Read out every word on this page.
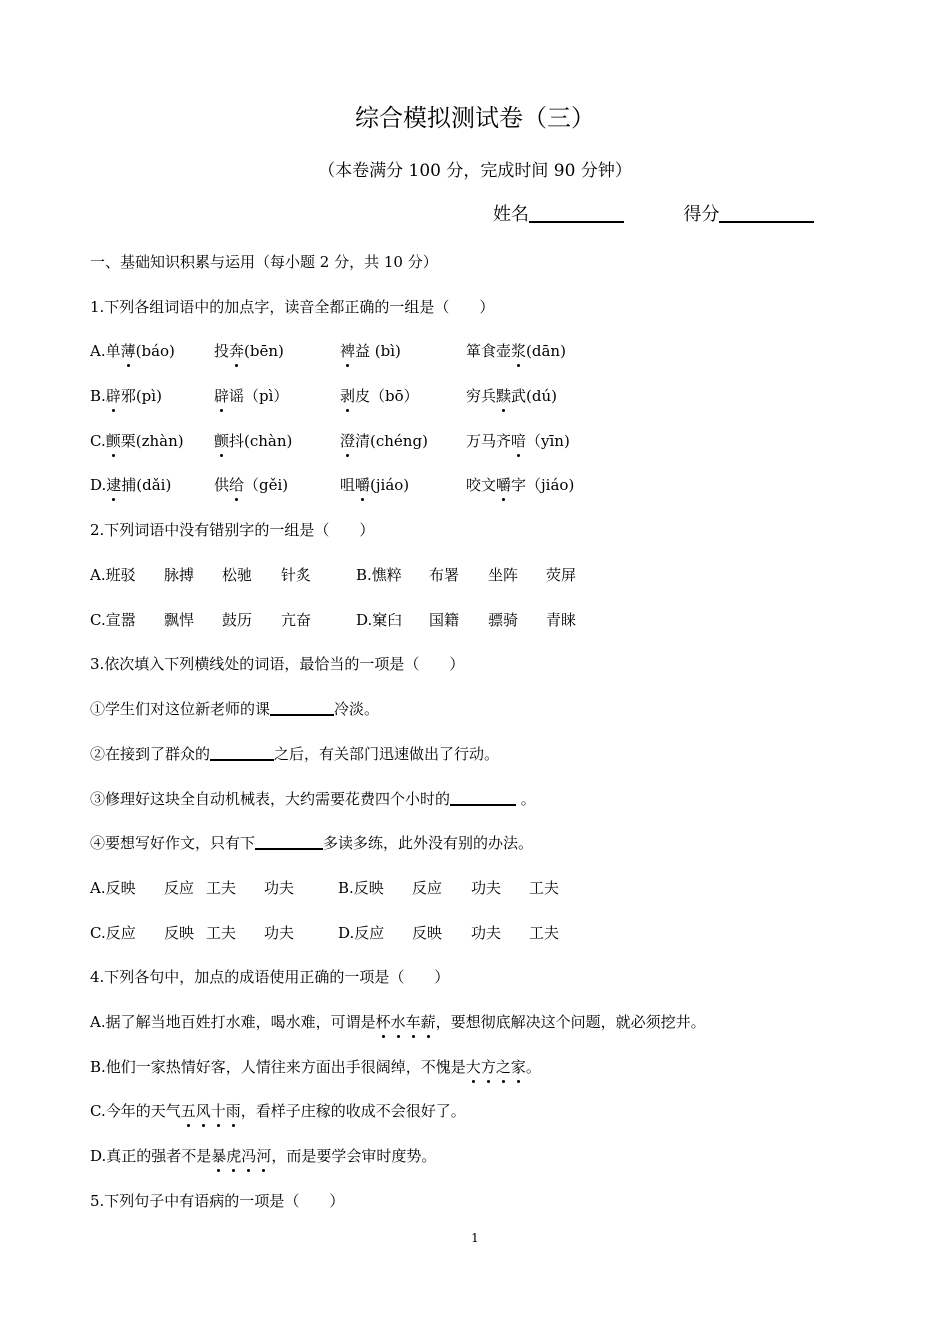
综合模拟测试卷（三）
（本卷满分 100 分，完成时间 90 分钟）
姓名	得分
一、基础知识积累与运用（每小题 2 分，共 10 分）
1.下列各组词语中的加点字，读音全都正确的一组是（　　）
A.单薄(báo)	投奔(bēn)	裨益 (bì)	箪食壶浆(dān)
B.辟邪(pì)	辟谣（pì）	剥皮（bō）	穷兵黩武(dú)
C.颤栗(zhàn) 颤抖(chàn)	澄清(chéng)	万马齐喑（yīn)
D.逮捕(dǎi)	供给（gěi)	咀嚼(jiáo)	咬文嚼字（jiáo)
2.下列词语中没有错别字的一组是（　　）
A.班驳 脉搏 松驰 针炙	B.憔粹 布署 坐阵 荧屏
C.宣嚣 飘悍 鼓历 亢奋	D.窠臼 国籍 骠骑 青睐
3.依次填入下列横线处的词语，最恰当的一项是（　　）
①学生们对这位新老师的课	冷淡。
②在接到了群众的	之后，有关部门迅速做出了行动。
③修理好这块全自动机械表，大约需要花费四个小时的	。
④要想写好作文，只有下	多读多练，此外没有别的办法。
A.反映 反应 工夫 功夫	B.反映 反应 功夫 工夫
C.反应 反映 工夫 功夫	D.反应 反映 功夫 工夫
4.下列各句中，加点的成语使用正确的一项是（　　）
A.据了解当地百姓打水难，喝水难，可谓是杯水车薪，要想彻底解决这个问题，就必须挖井。
B.他们一家热情好客，人情往来方面出手很阔绰，不愧是大方之家。
C.今年的天气五风十雨，看样子庄稼的收成不会很好了。
D.真正的强者不是暴虎冯河，而是要学会审时度势。
5.下列句子中有语病的一项是（　　）
1
